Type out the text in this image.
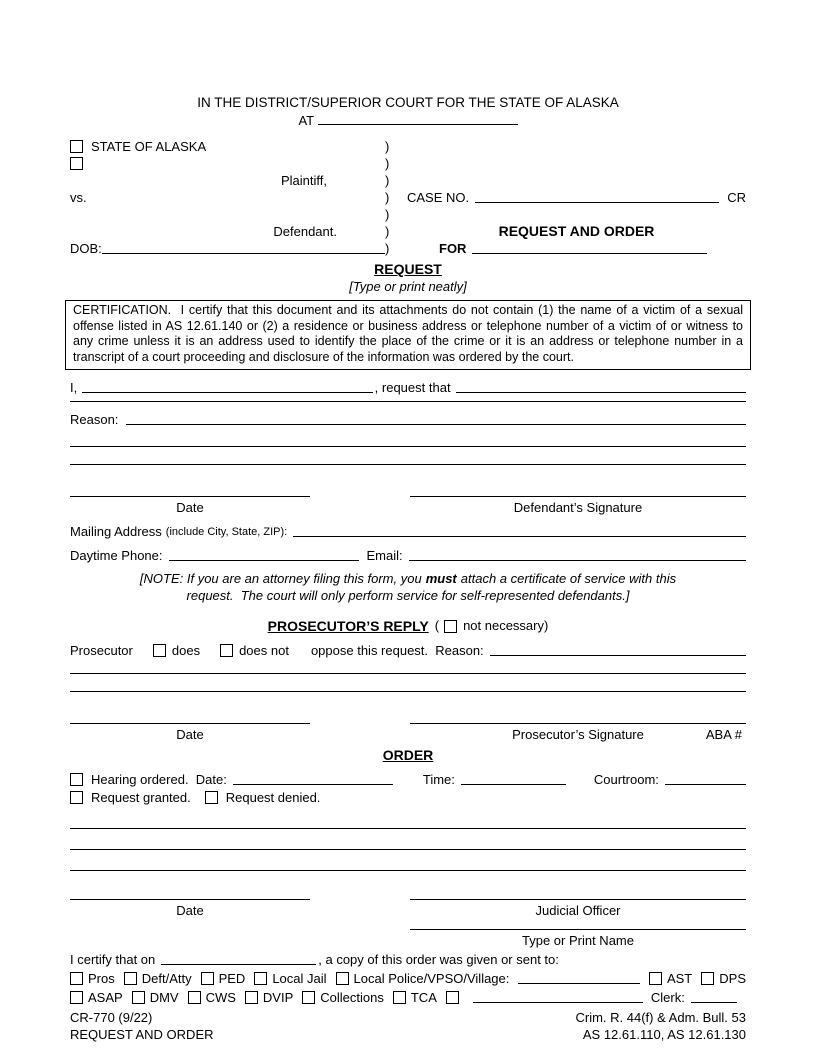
IN THE DISTRICT/SUPERIOR COURT FOR THE STATE OF ALASKA
AT
STATE OF ALASKA	)
)
Plaintiff,	)
vs.	)	CASE NO.	CR
)
Defendant.	)	REQUEST AND ORDER
DOB:	)	FOR
REQUEST
[Type or print neatly]
CERTIFICATION.  I certify that this document and its attachments do not contain (1) the name of a victim of a sexual offense listed in AS 12.61.140 or (2) a residence or business address or telephone number of a victim of or witness to any crime unless it is an address used to identify the place of the crime or it is an address or telephone number in a transcript of a court proceeding and disclosure of the information was ordered by the court.
I,	, request that
Reason:
Date	Defendant’s Signature
Mailing Address (include City, State, ZIP):
Daytime Phone:	Email:
[NOTE: If you are an attorney filing this form, you must attach a certificate of service with this
request.  The court will only perform service for self-represented defendants.]
PROSECUTOR’S REPLY ( not necessary)
Prosecutor	does	does not oppose this request.  Reason:
Date	Prosecutor’s Signature	ABA #
ORDER
Hearing ordered.  Date:	Time:	Courtroom:
Request granted.	Request denied.
Date	Judicial Officer
Type or Print Name
I certify that on	, a copy of this order was given or sent to:
Pros Deft/Atty PED Local Jail Local Police/VPSO/Village:	AST DPS
ASAP DMV CWS DVIP Collections TCA	Clerk:
CR-770 (9/22)	Crim. R. 44(f) & Adm. Bull. 53
REQUEST AND ORDER	AS 12.61.110, AS 12.61.130
